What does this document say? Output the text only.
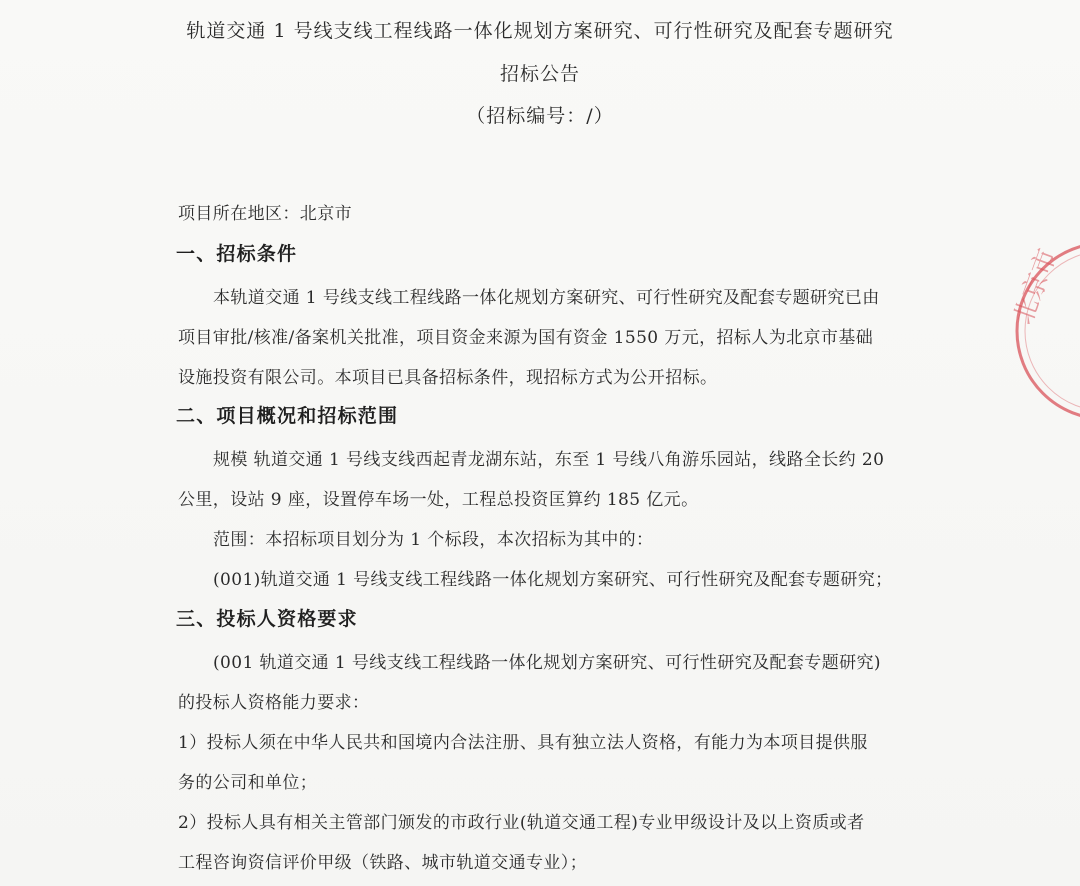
轨道交通 1 号线支线工程线路一体化规划方案研究、可行性研究及配套专题研究
招标公告
（招标编号：/）
项目所在地区：北京市
一、招标条件
本轨道交通 1 号线支线工程线路一体化规划方案研究、可行性研究及配套专题研究已由
项目审批/核准/备案机关批准，项目资金来源为国有资金 1550 万元，招标人为北京市基础
设施投资有限公司。本项目已具备招标条件，现招标方式为公开招标。
二、项目概况和招标范围
规模 轨道交通 1 号线支线西起青龙湖东站，东至 1 号线八角游乐园站，线路全长约 20
公里，设站 9 座，设置停车场一处，工程总投资匡算约 185 亿元。
范围：本招标项目划分为 1 个标段，本次招标为其中的：
(001)轨道交通 1 号线支线工程线路一体化规划方案研究、可行性研究及配套专题研究；
三、投标人资格要求
(001 轨道交通 1 号线支线工程线路一体化规划方案研究、可行性研究及配套专题研究)
的投标人资格能力要求：
1）投标人须在中华人民共和国境内合法注册、具有独立法人资格，有能力为本项目提供服
务的公司和单位；
2）投标人具有相关主管部门颁发的市政行业(轨道交通工程)专业甲级设计及以上资质或者
工程咨询资信评价甲级（铁路、城市轨道交通专业）；
北京市
